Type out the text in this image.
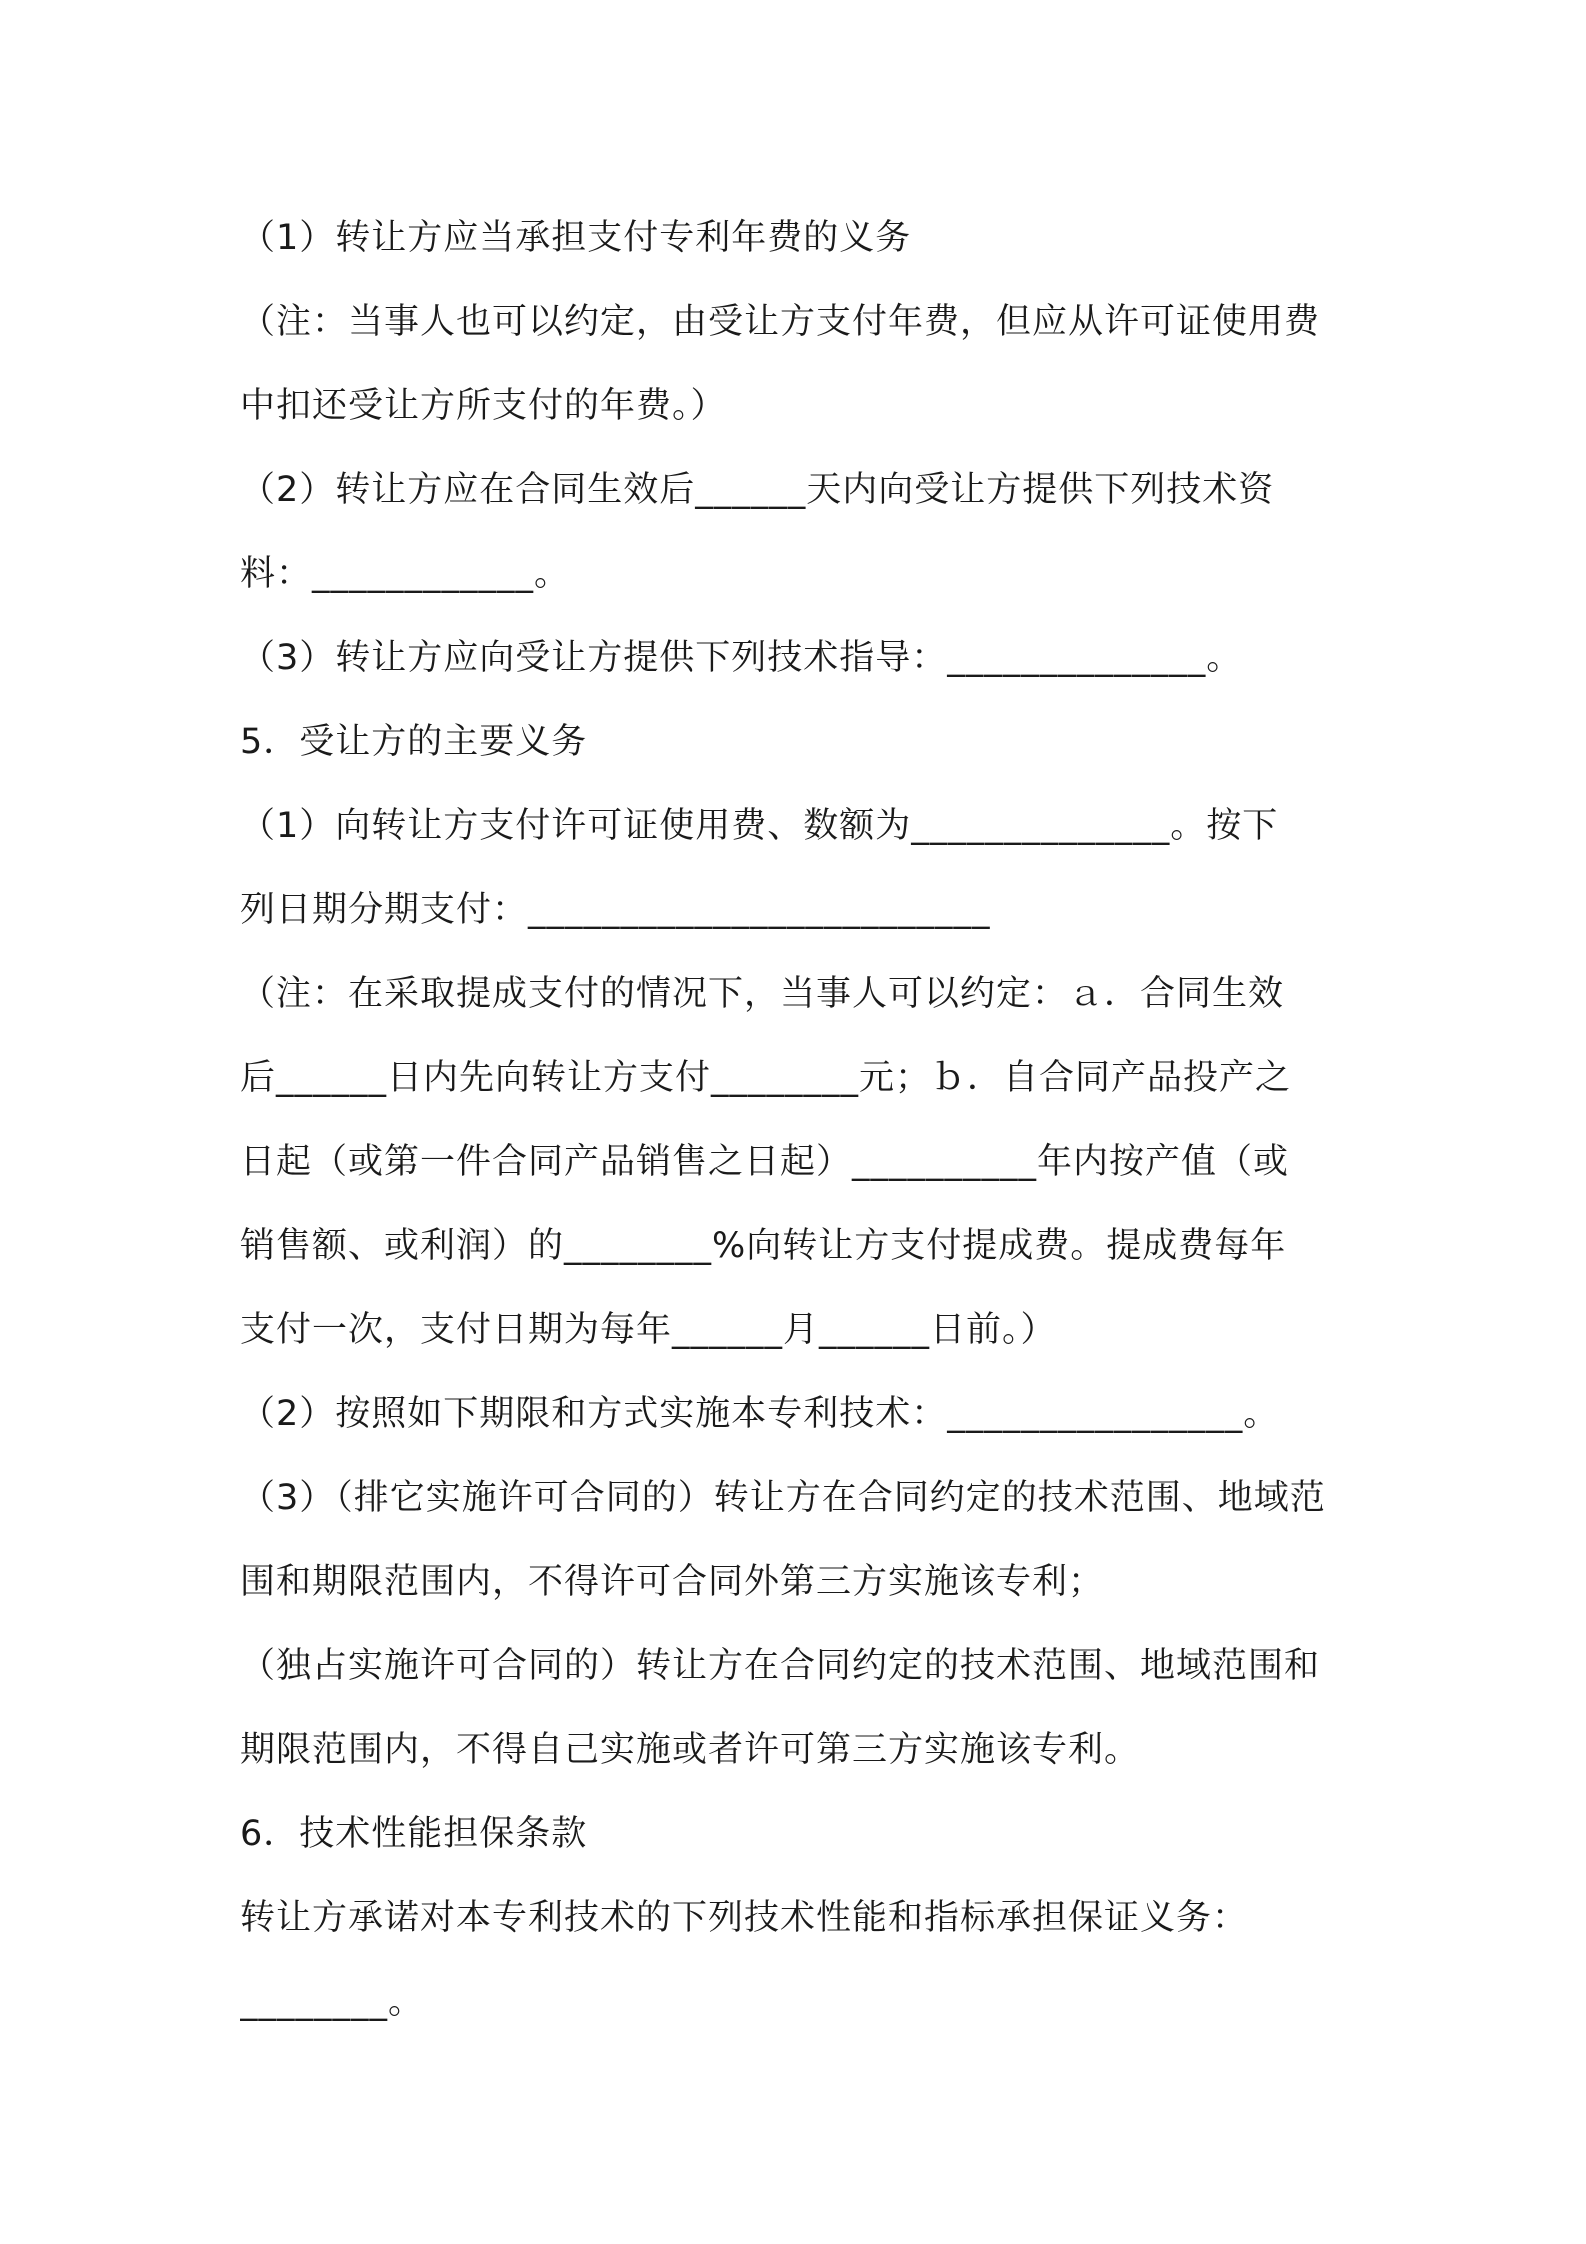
（1）转让方应当承担支付专利年费的义务
（注：当事人也可以约定，由受让方支付年费，但应从许可证使用费
中扣还受让方所支付的年费。）
（2）转让方应在合同生效后______天内向受让方提供下列技术资
料：____________。
（3）转让方应向受让方提供下列技术指导：______________。
5．受让方的主要义务
（1）向转让方支付许可证使用费、数额为______________。按下
列日期分期支付：_________________________
（注：在采取提成支付的情况下，当事人可以约定：ａ．合同生效
后______日内先向转让方支付________元；ｂ．自合同产品投产之
日起（或第一件合同产品销售之日起）__________年内按产值（或
销售额、或利润）的________%向转让方支付提成费。提成费每年
支付一次，支付日期为每年______月______日前。）
（2）按照如下期限和方式实施本专利技术：________________。
（3）（排它实施许可合同的）转让方在合同约定的技术范围、地域范
围和期限范围内，不得许可合同外第三方实施该专利；
（独占实施许可合同的）转让方在合同约定的技术范围、地域范围和
期限范围内，不得自己实施或者许可第三方实施该专利。
6．技术性能担保条款
转让方承诺对本专利技术的下列技术性能和指标承担保证义务：
________。
